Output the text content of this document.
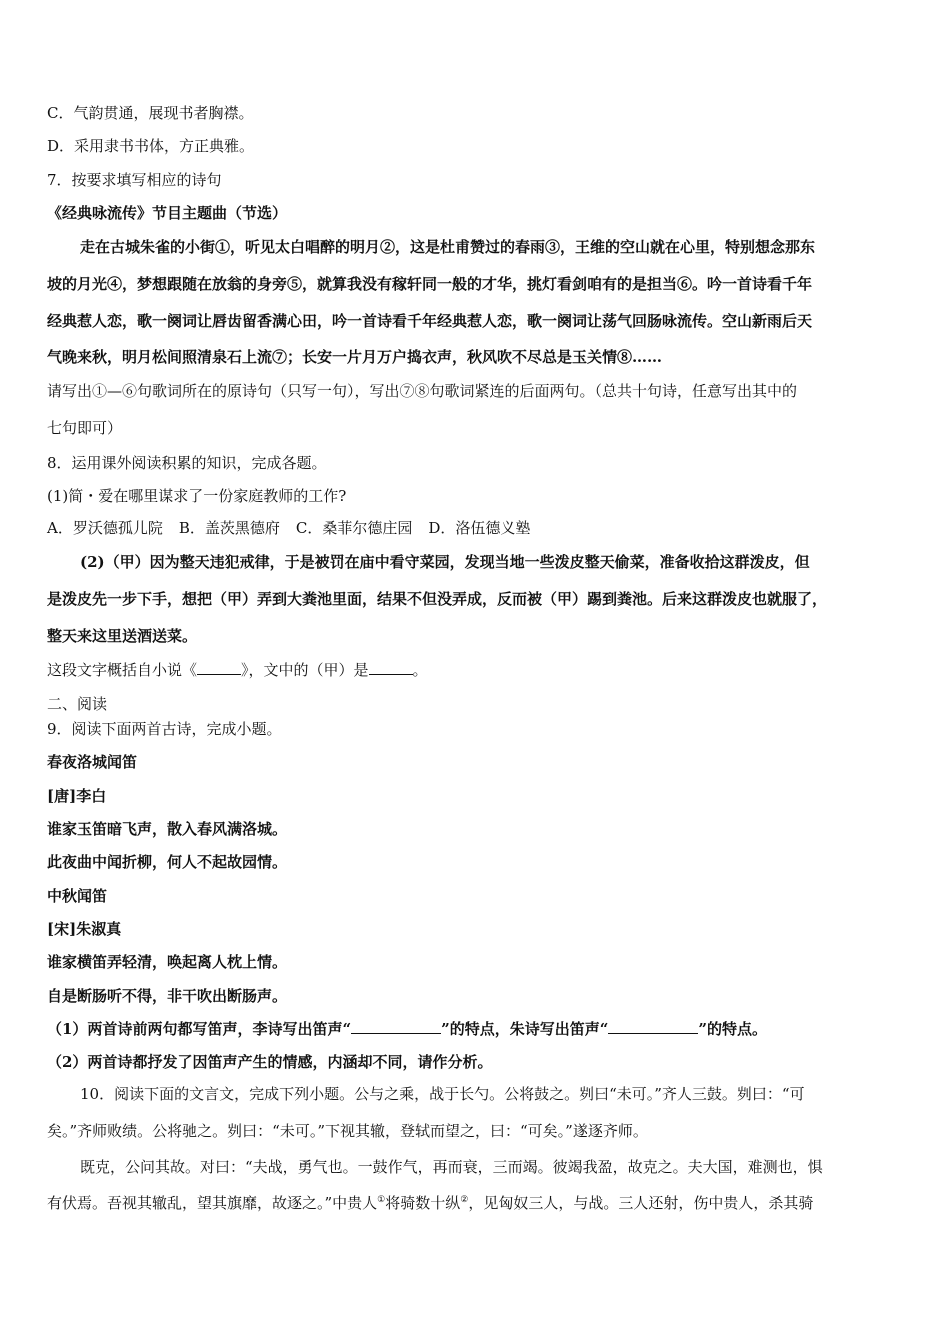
C．气韵贯通，展现书者胸襟。
D．采用隶书书体，方正典雅。
7．按要求填写相应的诗句
《经典咏流传》节目主题曲（节选）
走在古城朱雀的小街①，听见太白唱醉的明月②，这是杜甫赞过的春雨③，王维的空山就在心里，特别想念那东
坡的月光④，梦想跟随在放翁的身旁⑤，就算我没有稼轩同一般的才华，挑灯看剑咱有的是担当⑥。吟一首诗看千年
经典惹人恋，歌一阕词让唇齿留香满心田，吟一首诗看千年经典惹人恋，歌一阕词让荡气回肠咏流传。空山新雨后天
气晚来秋，明月松间照清泉石上流⑦；长安一片月万户捣衣声，秋风吹不尽总是玉关情⑧……
请写出①—⑥句歌词所在的原诗句（只写一句），写出⑦⑧句歌词紧连的后面两句。（总共十句诗，任意写出其中的
七句即可）
8．运用课外阅读积累的知识，完成各题。
(1)简・爱在哪里谋求了一份家庭教师的工作?
A．罗沃德孤儿院 B．盖茨黑德府 C．桑菲尔德庄园 D．洛伍德义塾
(2)（甲）因为整天违犯戒律，于是被罚在庙中看守菜园，发现当地一些泼皮整天偷菜，准备收拾这群泼皮，但
是泼皮先一步下手，想把（甲）弄到大粪池里面，结果不但没弄成，反而被（甲）踢到粪池。后来这群泼皮也就服了，
整天来这里送酒送菜。
这段文字概括自小说《	》，文中的（甲）是	。
二、阅读
9．阅读下面两首古诗，完成小题。
春夜洛城闻笛
[唐]李白
谁家玉笛暗飞声，散入春风满洛城。
此夜曲中闻折柳，何人不起故园情。
中秋闻笛
[宋]朱淑真
谁家横笛弄轻清，唤起离人枕上情。
自是断肠听不得，非干吹出断肠声。
（1）两首诗前两句都写笛声，李诗写出笛声“	”的特点，朱诗写出笛声“	”的特点。
（2）两首诗都抒发了因笛声产生的情感，内涵却不同，请作分析。
10．阅读下面的文言文，完成下列小题。公与之乘，战于长勺。公将鼓之。刿曰“未可。”齐人三鼓。刿曰：“可
矣。”齐师败绩。公将驰之。刿曰：“未可。”下视其辙，登轼而望之，曰：“可矣。”遂逐齐师。
既克，公问其故。对曰：“夫战，勇气也。一鼓作气，再而衰，三而竭。彼竭我盈，故克之。夫大国，难测也，惧
有伏焉。吾视其辙乱，望其旗靡，故逐之。”中贵人①将骑数十纵②，见匈奴三人，与战。三人还射，伤中贵人，杀其骑
